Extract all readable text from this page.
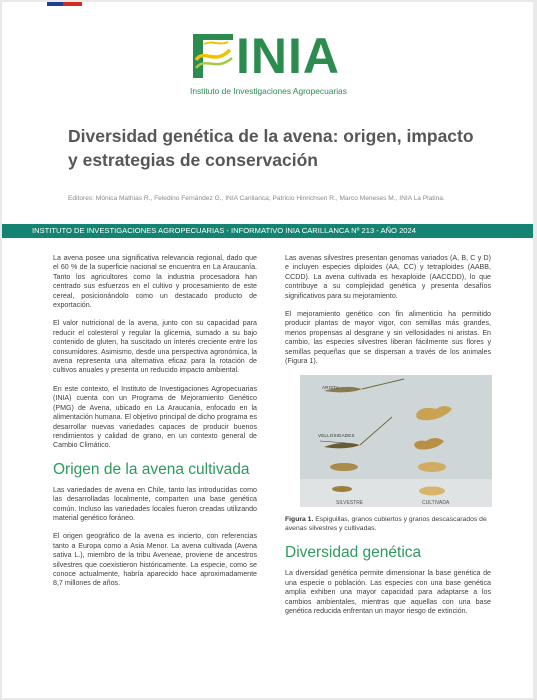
INIA
Instituto de Investigaciones Agropecuarias
Diversidad genética de la avena: origen, impacto y estrategias de conservación
Editores: Mónica Mathias R., Feledino Fernández G., INIA Carillanca; Patricio Hinrichsen R., Marco Meneses M., INIA La Platina.
INSTITUTO DE INVESTIGACIONES AGROPECUARIAS - INFORMATIVO INIA CARILLANCA Nº 213 - AÑO 2024

La avena posee una significativa relevancia regional, dado que el 60 % de la superficie nacional se encuentra en La Araucanía. Tanto los agricultores como la industria procesadora han centrado sus esfuerzos en el cultivo y procesamiento de este cereal, posicionándolo como un destacado producto de exportación.

El valor nutricional de la avena, junto con su capacidad para reducir el colesterol y regular la glicemia, sumado a su bajo contenido de gluten, ha suscitado un interés creciente entre los consumidores. Asimismo, desde una perspectiva agronómica, la avena representa una alternativa eficaz para la rotación de cultivos anuales y presenta un reducido impacto ambiental.

En este contexto, el Instituto de Investigaciones Agropecuarias (INIA) cuenta con un Programa de Mejoramiento Genético (PMG) de Avena, ubicado en La Araucanía, enfocado en la alimentación humana. El objetivo principal de dicho programa es desarrollar nuevas variedades capaces de producir buenos rendimientos y calidad de grano, en un contexto general de Cambio Climático.

Origen de la avena cultivada

Las variedades de avena en Chile, tanto las introducidas como las desarrolladas localmente, comparten una base genética común. Incluso las variedades locales fueron creadas utilizando material genético foráneo.

El origen geográfico de la avena es incierto, con referencias tanto a Europa como a Asia Menor. La avena cultivada (Avena sativa L.), miembro de la tribu Aveneae, proviene de ancestros silvestres que coexistieron históricamente. La especie, como se conoce actualmente, habría aparecido hace aproximadamente 8,7 millones de años.

Las avenas silvestres presentan genomas variados (A, B, C y D) e incluyen especies diploides (AA, CC) y tetraploides (AABB, CCDD). La avena cultivada es hexaploide (AACCDD), lo que contribuye a su complejidad genética y presenta desafíos significativos para su mejoramiento.

El mejoramiento genético con fin alimenticio ha permitido producir plantas de mayor vigor, con semillas más grandes, menos propensas al desgrane y sin vellosidades ni aristas. En cambio, las especies silvestres liberan fácilmente sus flores y semillas pequeñas que se dispersan a través de los animales (Figura 1).

ARISTA
VELLOSIDADES
SILVESTRE	CULTIVADA
Figura 1. Espiguillas, granos cubiertos y granos descascarados de avenas silvestres y cultivadas.
Diversidad genética

La diversidad genética permite dimensionar la base genética de una especie o población. Las especies con una base genética amplia exhiben una mayor capacidad para adaptarse a los cambios ambientales, mientras que aquellas con una base genética reducida enfrentan un mayor riesgo de extinción.
